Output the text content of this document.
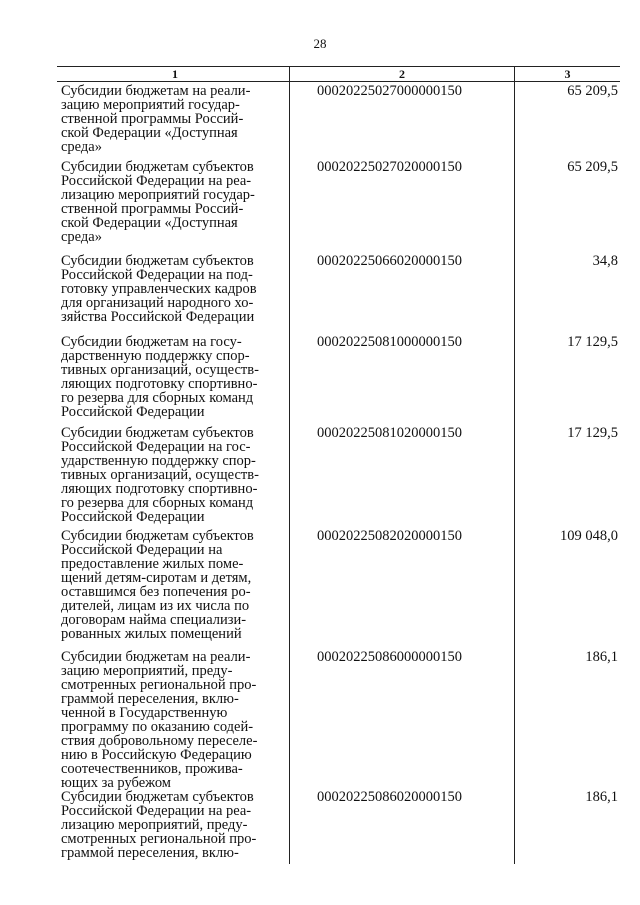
28
1	2	3
Субсидии бюджетам на реали-
зацию мероприятий государ-
ственной программы Россий-
ской Федерации «Доступная
среда»
00020225027000000150	65 209,5
Субсидии бюджетам субъектов
Российской Федерации на реа-
лизацию мероприятий государ-
ственной программы Россий-
ской Федерации «Доступная
среда»
00020225027020000150	65 209,5
Субсидии бюджетам субъектов
Российской Федерации на под-
готовку управленческих кадров
для организаций народного хо-
зяйства Российской Федерации
00020225066020000150	34,8
Субсидии бюджетам на госу-
дарственную поддержку спор-
тивных организаций, осуществ-
ляющих подготовку спортивно-
го резерва для сборных команд
Российской Федерации
00020225081000000150	17 129,5
Субсидии бюджетам субъектов
Российской Федерации на гос-
ударственную поддержку спор-
тивных организаций, осуществ-
ляющих подготовку спортивно-
го резерва для сборных команд
Российской Федерации
00020225081020000150	17 129,5
Субсидии бюджетам субъектов
Российской Федерации на
предоставление жилых поме-
щений детям-сиротам и детям,
оставшимся без попечения ро-
дителей, лицам из их числа по
договорам найма специализи-
рованных жилых помещений
00020225082020000150	109 048,0
Субсидии бюджетам на реали-
зацию мероприятий, преду-
смотренных региональной про-
граммой переселения, вклю-
ченной в Государственную
программу по оказанию содей-
ствия добровольному переселе-
нию в Российскую Федерацию
соотечественников, прожива-
ющих за рубежом
00020225086000000150	186,1
Субсидии бюджетам субъектов
Российской Федерации на реа-
лизацию мероприятий, преду-
смотренных региональной про-
граммой переселения, вклю-
00020225086020000150	186,1
